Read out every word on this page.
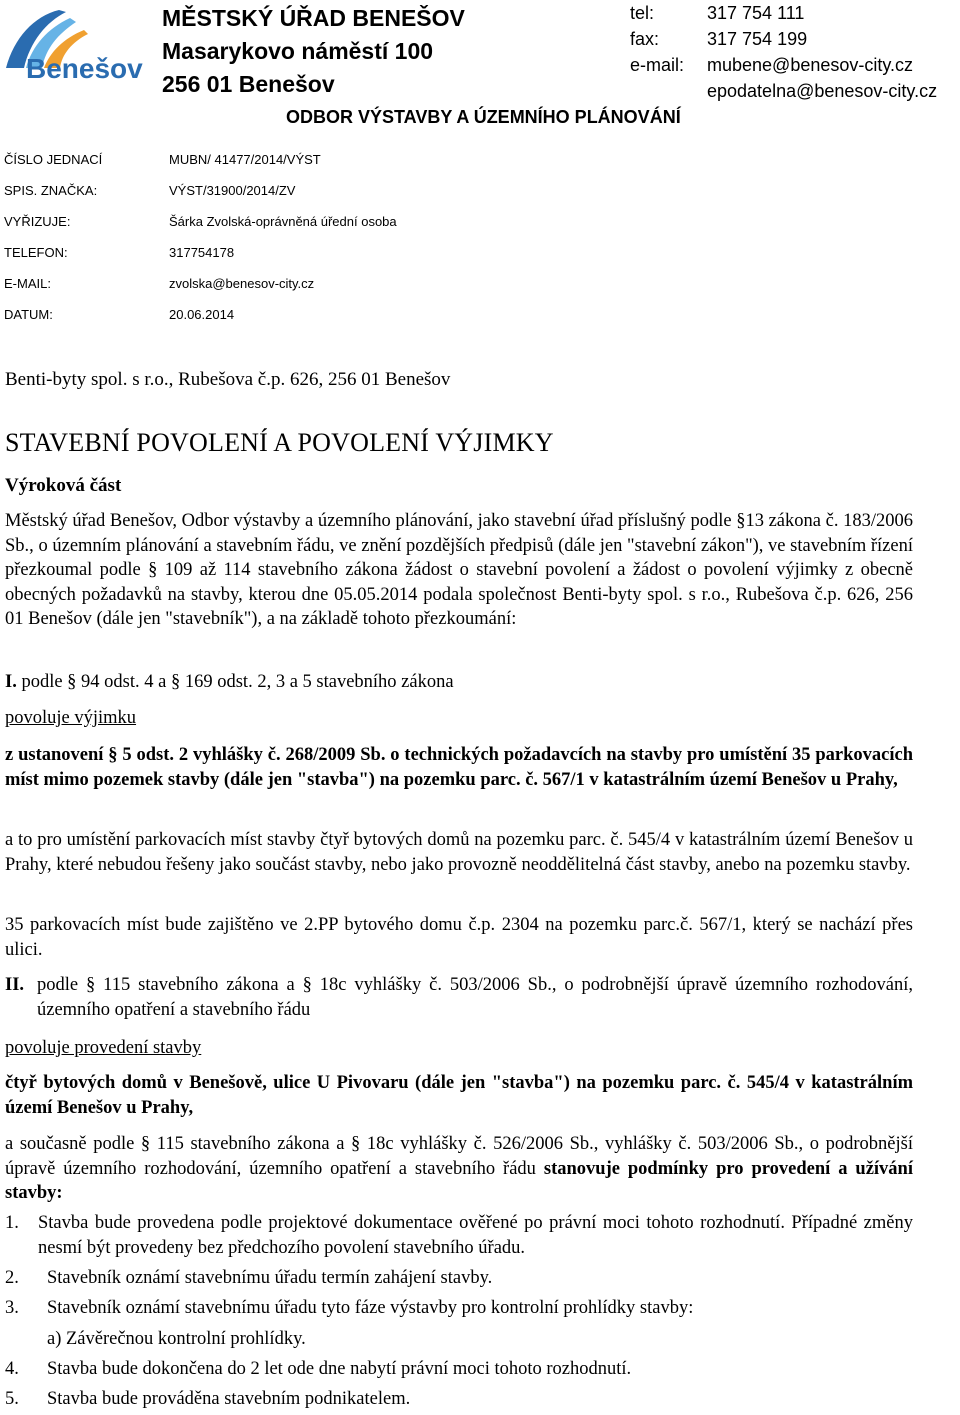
Benešov
MĚSTSKÝ ÚŘAD BENEŠOV
Masarykovo náměstí 100
256 01 Benešov
ODBOR VÝSTAVBY A ÚZEMNÍHO PLÁNOVÁNÍ
tel:	317 754 111
fax:	317 754 199
e-mail:	mubene@benesov-city.cz
epodatelna@benesov-city.cz
ČÍSLO JEDNACÍ	MUBN/ 41477/2014/VÝST
SPIS. ZNAČKA:	VÝST/31900/2014/ZV
VYŘIZUJE:	Šárka Zvolská-oprávněná úřední osoba
TELEFON:	317754178
E-MAIL:	zvolska@benesov-city.cz
DATUM:	20.06.2014
Benti-byty spol. s r.o., Rubešova č.p. 626, 256 01 Benešov
STAVEBNÍ POVOLENÍ A POVOLENÍ VÝJIMKY
Výroková část
Městský úřad Benešov, Odbor výstavby a územního plánování, jako stavební úřad příslušný podle §13 zákona č. 183/2006 Sb., o územním plánování a stavebním řádu, ve znění pozdějších předpisů (dále jen "stavební zákon"), ve stavebním řízení přezkoumal podle § 109 až 114 stavebního zákona žádost o stavební povolení a žádost o povolení výjimky z obecně obecných požadavků na stavby, kterou dne 05.05.2014 podala společnost Benti-byty spol. s r.o., Rubešova č.p. 626, 256 01 Benešov (dále jen "stavebník"), a na základě tohoto přezkoumání:
I. podle § 94 odst. 4 a § 169 odst. 2, 3 a 5 stavebního zákona
povoluje výjimku
z ustanovení § 5 odst. 2 vyhlášky č. 268/2009 Sb. o technických požadavcích na stavby pro umístění 35 parkovacích míst mimo pozemek stavby (dále jen "stavba") na pozemku parc. č. 567/1 v katastrálním území Benešov u Prahy,
a to pro umístění parkovacích míst stavby čtyř bytových domů na pozemku parc. č. 545/4 v katastrálním území Benešov u Prahy, které nebudou řešeny jako součást stavby, nebo jako provozně neoddělitelná část stavby, anebo na pozemku stavby.
35 parkovacích míst bude zajištěno ve 2.PP bytového domu č.p. 2304 na pozemku parc.č. 567/1, který se nachází přes ulici.
II. podle § 115 stavebního zákona a § 18c vyhlášky č. 503/2006 Sb., o podrobnější úpravě územního rozhodování, územního opatření a stavebního řádu
povoluje provedení stavby
čtyř bytových domů v Benešově, ulice U Pivovaru (dále jen "stavba") na pozemku parc. č. 545/4 v katastrálním území Benešov u Prahy,
a současně podle § 115 stavebního zákona a § 18c vyhlášky č. 526/2006 Sb., vyhlášky č. 503/2006 Sb., o podrobnější úpravě územního rozhodování, územního opatření a stavebního řádu stanovuje podmínky pro provedení a užívání stavby:
1. Stavba bude provedena podle projektové dokumentace ověřené po právní moci tohoto rozhodnutí. Případné změny nesmí být provedeny bez předchozího povolení stavebního úřadu.
2. Stavebník oznámí stavebnímu úřadu termín zahájení stavby.
3. Stavebník oznámí stavebnímu úřadu tyto fáze výstavby pro kontrolní prohlídky stavby:
a) Závěrečnou kontrolní prohlídky.
4. Stavba bude dokončena do 2 let ode dne nabytí právní moci tohoto rozhodnutí.
5. Stavba bude prováděna stavebním podnikatelem.
